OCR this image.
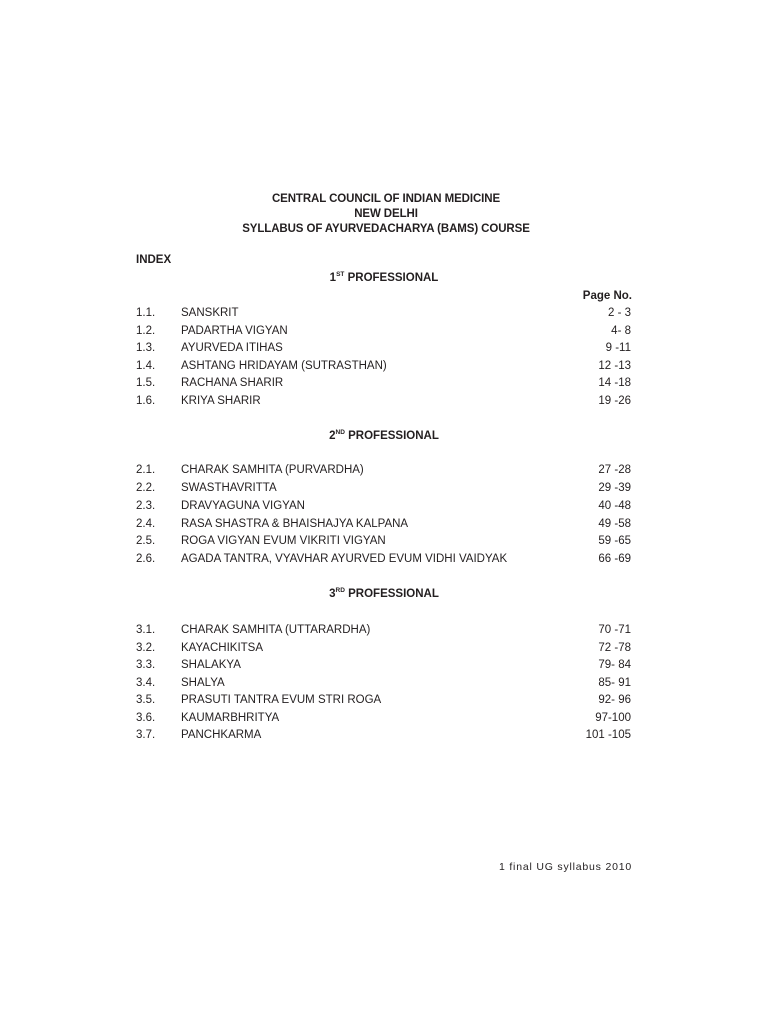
CENTRAL COUNCIL OF INDIAN MEDICINE
NEW DELHI
SYLLABUS OF AYURVEDACHARYA (BAMS) COURSE
INDEX
1ST PROFESSIONAL
Page No.
1.1. SANSKRIT	2 - 3
1.2. PADARTHA VIGYAN	4- 8
1.3. AYURVEDA ITIHAS	9 -11
1.4. ASHTANG HRIDAYAM (SUTRASTHAN)	12 -13
1.5. RACHANA SHARIR	14 -18
1.6. KRIYA SHARIR	19 -26
2ND PROFESSIONAL
2.1. CHARAK SAMHITA (PURVARDHA)	27 -28
2.2. SWASTHAVRITTA	29 -39
2.3. DRAVYAGUNA VIGYAN	40 -48
2.4. RASA SHASTRA & BHAISHAJYA KALPANA	49 -58
2.5. ROGA VIGYAN EVUM VIKRITI VIGYAN	59 -65
2.6. AGADA TANTRA, VYAVHAR AYURVED EVUM VIDHI VAIDYAK	66 -69
3RD PROFESSIONAL
3.1. CHARAK SAMHITA (UTTARARDHA)	70 -71
3.2. KAYACHIKITSA	72 -78
3.3. SHALAKYA	79- 84
3.4. SHALYA	85- 91
3.5. PRASUTI TANTRA EVUM STRI ROGA	92- 96
3.6. KAUMARBHRITYA	97-100
3.7. PANCHKARMA	101 -105
1 final UG syllabus 2010
